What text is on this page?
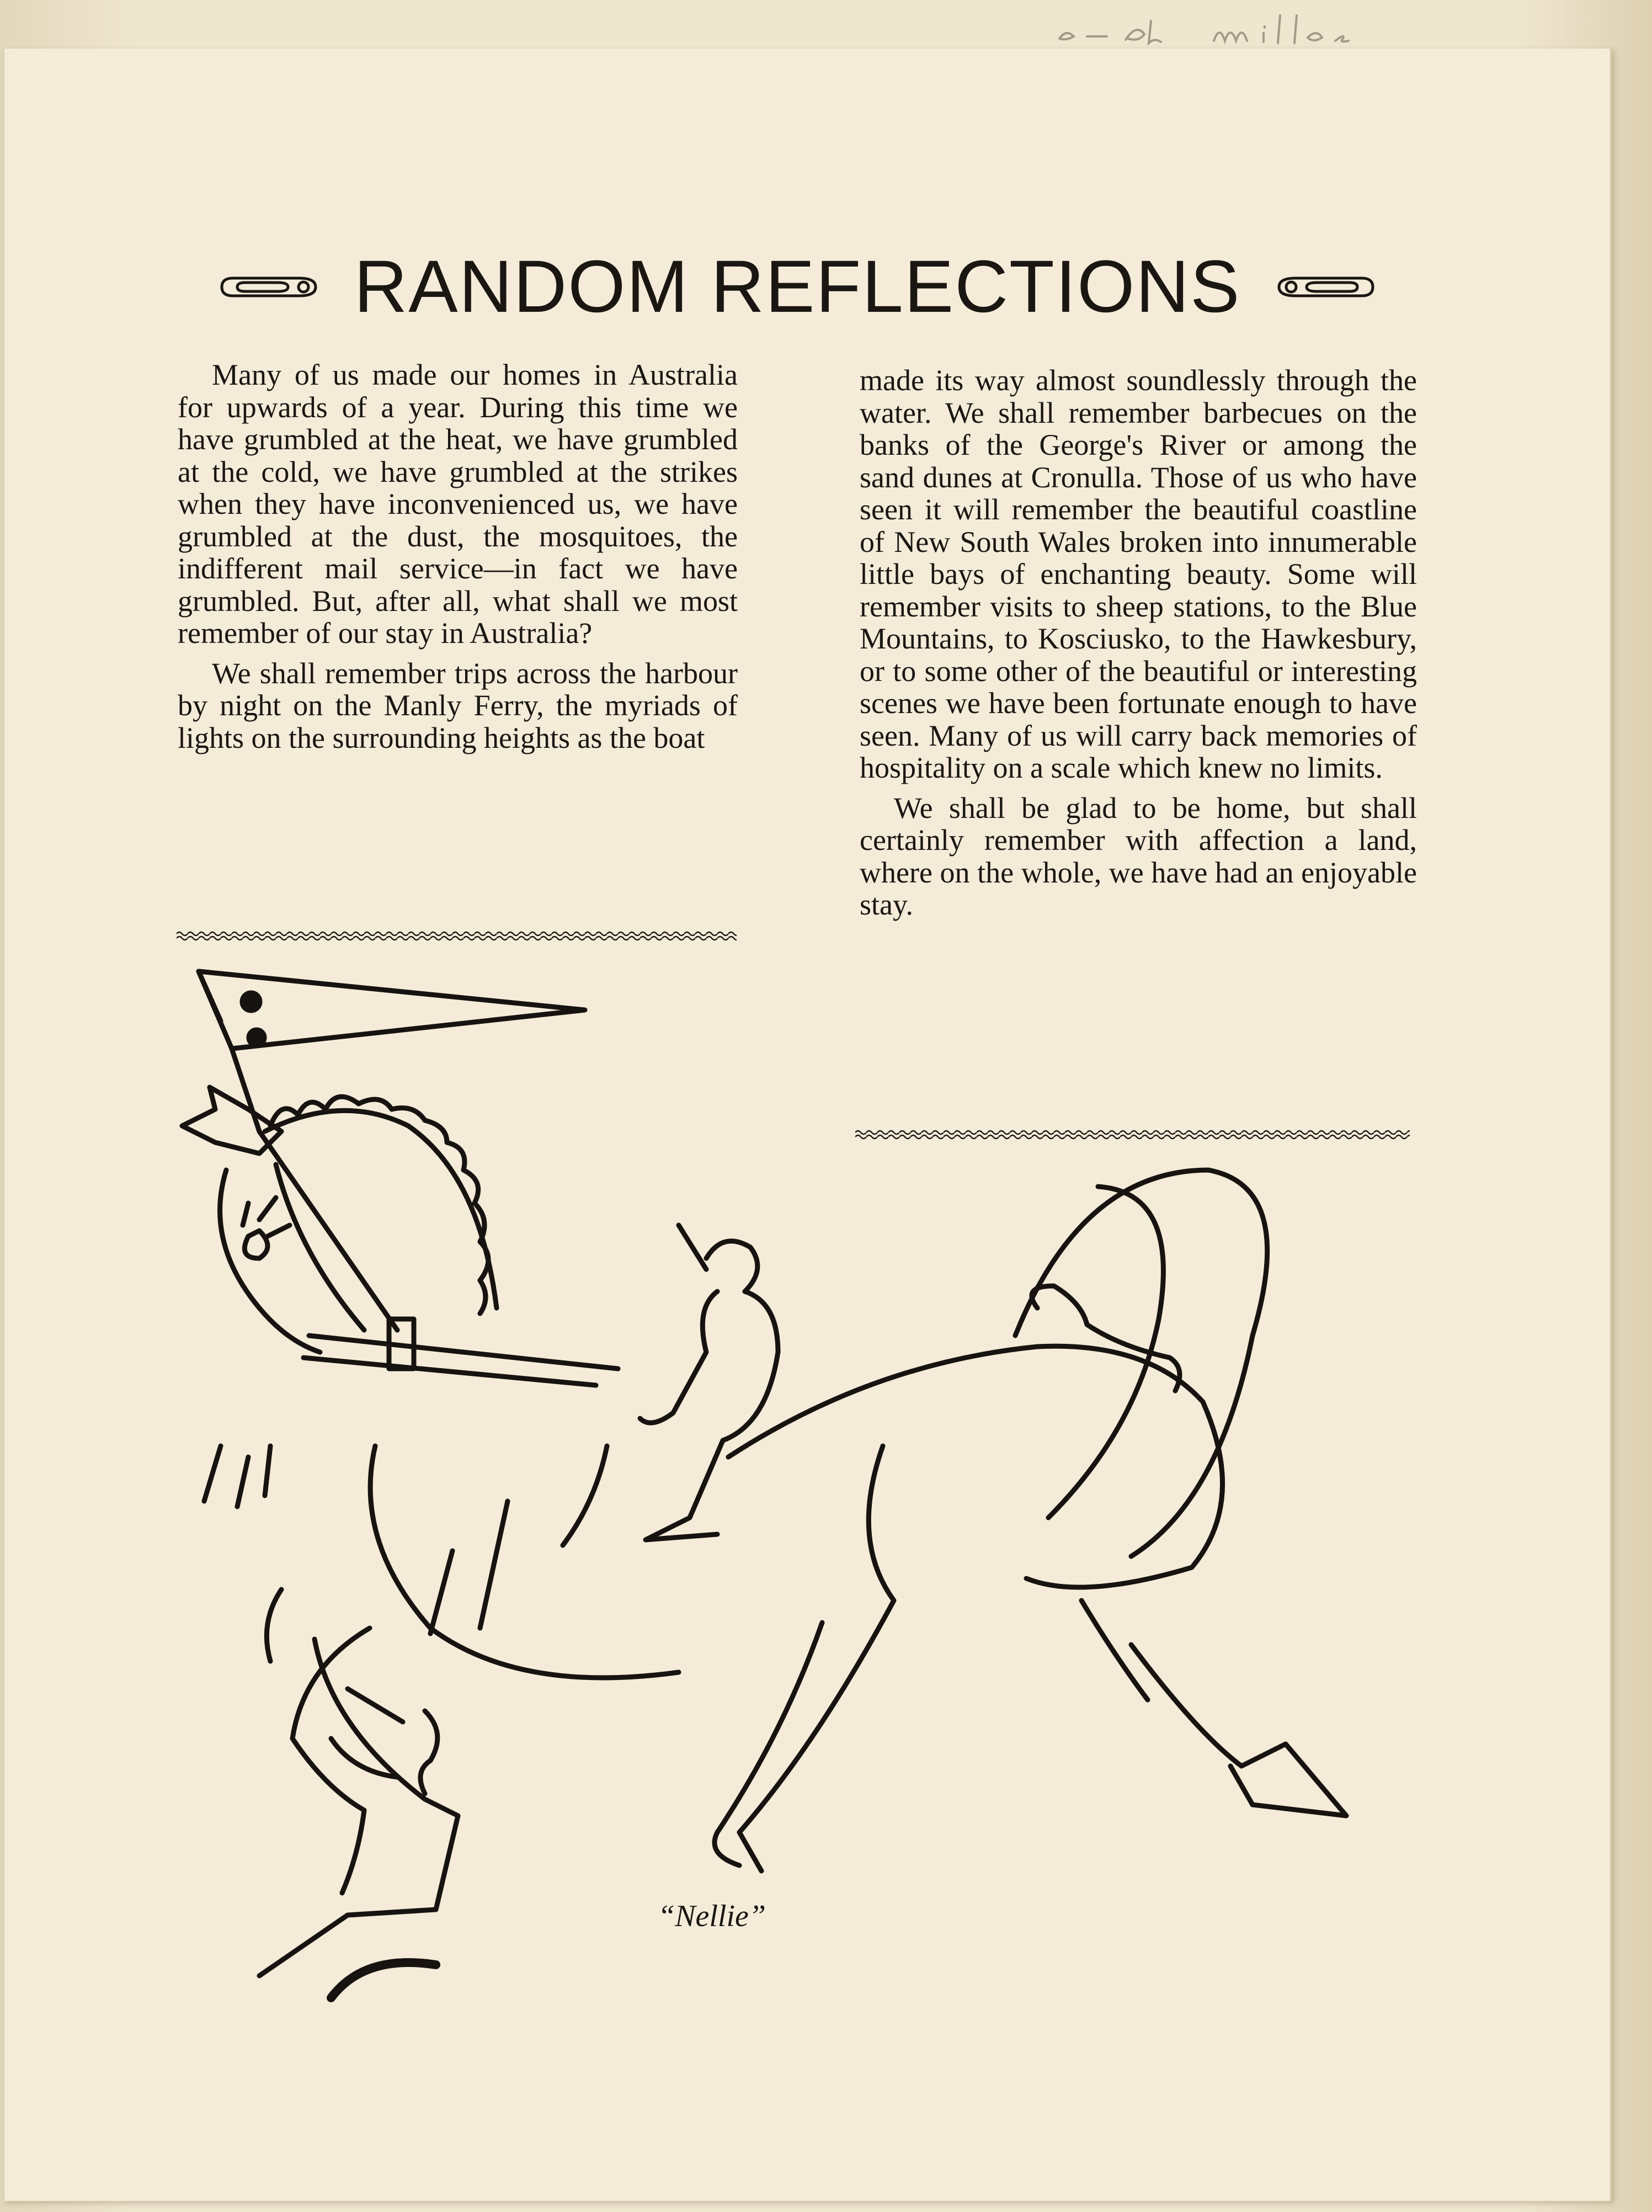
RANDOM REFLECTIONS

Many of us made our homes in Australia for upwards of a year. During this time we have grumbled at the heat, we have grumbled at the cold, we have grumbled at the strikes when they have inconvenienced us, we have grumbled at the dust, the mosquitoes, the indifferent mail service—in fact we have grumbled. But, after all, what shall we most remember of our stay in Australia?

We shall remember trips across the harbour by night on the Manly Ferry, the myriads of lights on the surrounding heights as the boat

made its way almost soundlessly through the water. We shall remember barbecues on the banks of the George's River or among the sand dunes at Cronulla. Those of us who have seen it will remember the beautiful coastline of New South Wales broken into innumerable little bays of enchanting beauty. Some will remember visits to sheep stations, to the Blue Mountains, to Kosciusko, to the Hawkesbury, or to some other of the beautiful or interesting scenes we have been fortunate enough to have seen. Many of us will carry back memories of hospitality on a scale which knew no limits.

We shall be glad to be home, but shall certainly remember with affection a land, where on the whole, we have had an enjoyable stay.

“Nellie”
